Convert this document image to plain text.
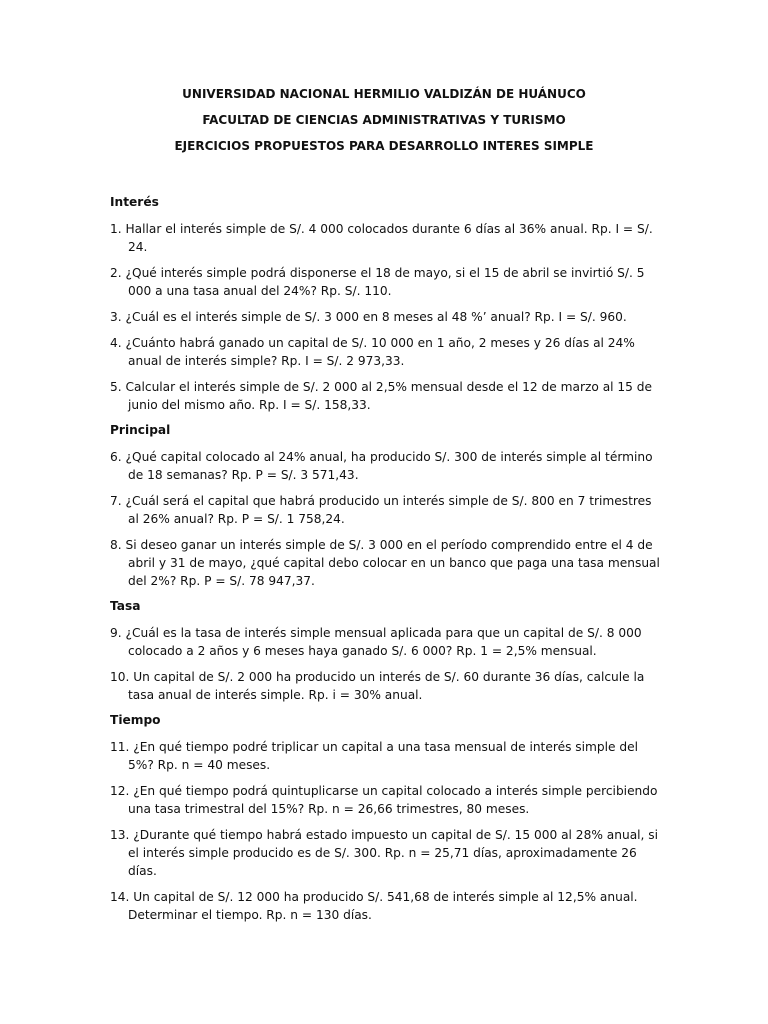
UNIVERSIDAD NACIONAL HERMILIO VALDIZÁN DE HUÁNUCO
FACULTAD DE CIENCIAS ADMINISTRATIVAS Y TURISMO
EJERCICIOS PROPUESTOS PARA DESARROLLO INTERES SIMPLE
Interés
1. Hallar el interés simple de S/. 4 000 colocados durante 6 días al 36% anual. Rp. I = S/. 24.
2. ¿Qué interés simple podrá disponerse el 18 de mayo, si el 15 de abril se invirtió S/. 5 000 a una tasa anual del 24%? Rp. S/. 110.
3. ¿Cuál es el interés simple de S/. 3 000 en 8 meses al 48 %’ anual? Rp. I = S/. 960.
4. ¿Cuánto habrá ganado un capital de S/. 10 000 en 1 año, 2 meses y 26 días al 24% anual de interés simple? Rp. I = S/. 2 973,33.
5. Calcular el interés simple de S/. 2 000 al 2,5% mensual desde el 12 de marzo al 15 de junio del mismo año. Rp. I = S/. 158,33.
Principal
6. ¿Qué capital colocado al 24% anual, ha producido S/. 300 de interés simple al término de 18 semanas? Rp. P = S/. 3 571,43.
7. ¿Cuál será el capital que habrá producido un interés simple de S/. 800 en 7 trimestres al 26% anual? Rp. P = S/. 1 758,24.
8. Si deseo ganar un interés simple de S/. 3 000 en el período comprendido entre el 4 de abril y 31 de mayo, ¿qué capital debo colocar en un banco que paga una tasa mensual del 2%? Rp. P = S/. 78 947,37.
Tasa
9. ¿Cuál es la tasa de interés simple mensual aplicada para que un capital de S/. 8 000 colocado a 2 años y 6 meses haya ganado S/. 6 000? Rp. 1 = 2,5% mensual.
10. Un capital de S/. 2 000 ha producido un interés de S/. 60 durante 36 días, calcule la tasa anual de interés simple. Rp. i = 30% anual.
Tiempo
11. ¿En qué tiempo podré triplicar un capital a una tasa mensual de interés simple del 5%? Rp. n = 40 meses.
12. ¿En qué tiempo podrá quintuplicarse un capital colocado a interés simple percibiendo una tasa trimestral del 15%? Rp. n = 26,66 trimestres, 80 meses.
13. ¿Durante qué tiempo habrá estado impuesto un capital de S/. 15 000 al 28% anual, si el interés simple producido es de S/. 300. Rp. n = 25,71 días, aproximadamente 26 días.
14. Un capital de S/. 12 000 ha producido S/. 541,68 de interés simple al 12,5% anual. Determinar el tiempo. Rp. n = 130 días.
